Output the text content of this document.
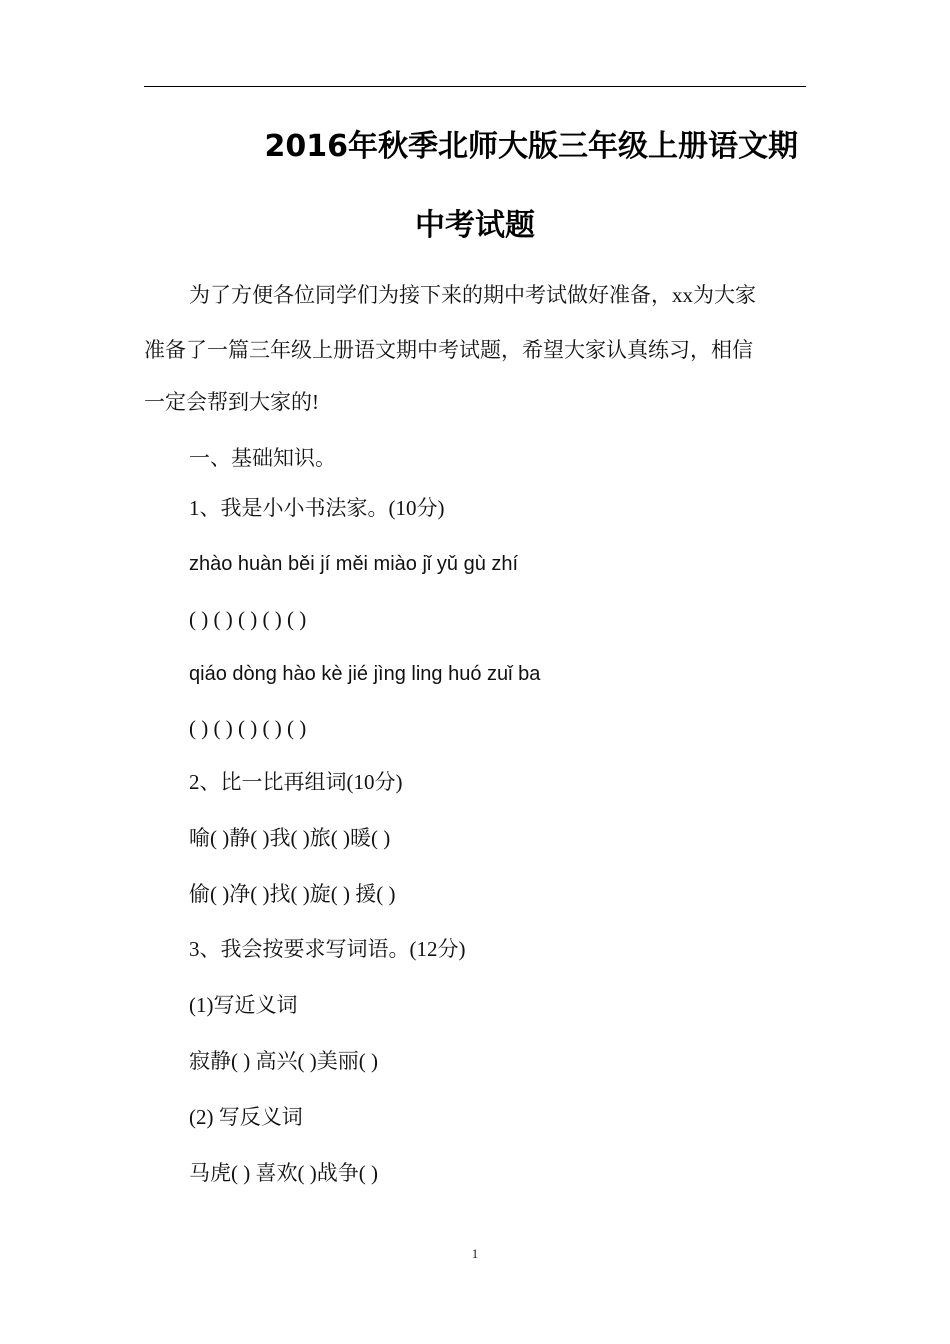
2016年秋季北师大版三年级上册语文期
中考试题
为了方便各位同学们为接下来的期中考试做好准备，xx为大家
准备了一篇三年级上册语文期中考试题，希望大家认真练习，相信
一定会帮到大家的!
一、基础知识。
1、我是小小书法家。(10分)
zhào huàn běi jí měi miào jǐ yǔ gù zhí
( ) ( ) ( ) ( ) ( )
qiáo dòng hào kè jié jìng ling huó zuǐ ba
( ) ( ) ( ) ( ) ( )
2、比一比再组词(10分)
喻( )静( )我( )旅( )暖( )
偷( )净( )找( )旋( ) 援( )
3、我会按要求写词语。(12分)
(1)写近义词
寂静( ) 高兴( )美丽( )
(2) 写反义词
马虎( ) 喜欢( )战争( )
1
